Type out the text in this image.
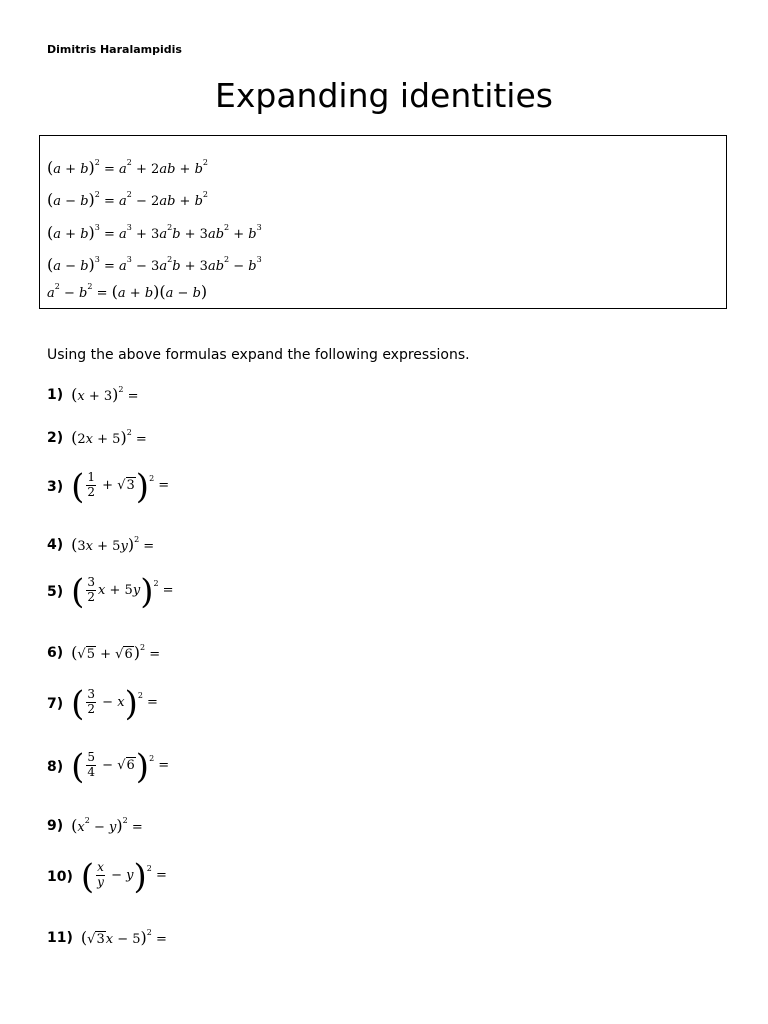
Dimitris Haralampidis
Expanding identities
$(a + b)^2 = a^2 + 2ab + b^2$
$(a - b)^2 = a^2 - 2ab + b^2$
$(a + b)^3 = a^3 + 3a^2b + 3ab^2 + b^3$
$(a - b)^3 = a^3 - 3a^2b + 3ab^2 - b^3$
$a^2 - b^2 = (a + b)(a - b)$
Using the above formulas expand the following expressions.
1) $(x + 3)^2$ =
2) $(2x + 5)^2$ =
3) ( $\frac{1}{2} + √3)^2$ =
4) $(3x + 5y)^2$ =
5) ( $\frac{3}{2}$ x + 5y)$^2$ =
6) $(√5 + √6)^2$ =
7) ( $\frac{3}{2} - x)^2$ =
8) ( $\frac{5}{4} - √6)^2$ =
9) $(x^2 - y)^2$ =
10) ( $\frac{x}{y} - y)^2$ =
11) $(√3x - 5)^2$ =
